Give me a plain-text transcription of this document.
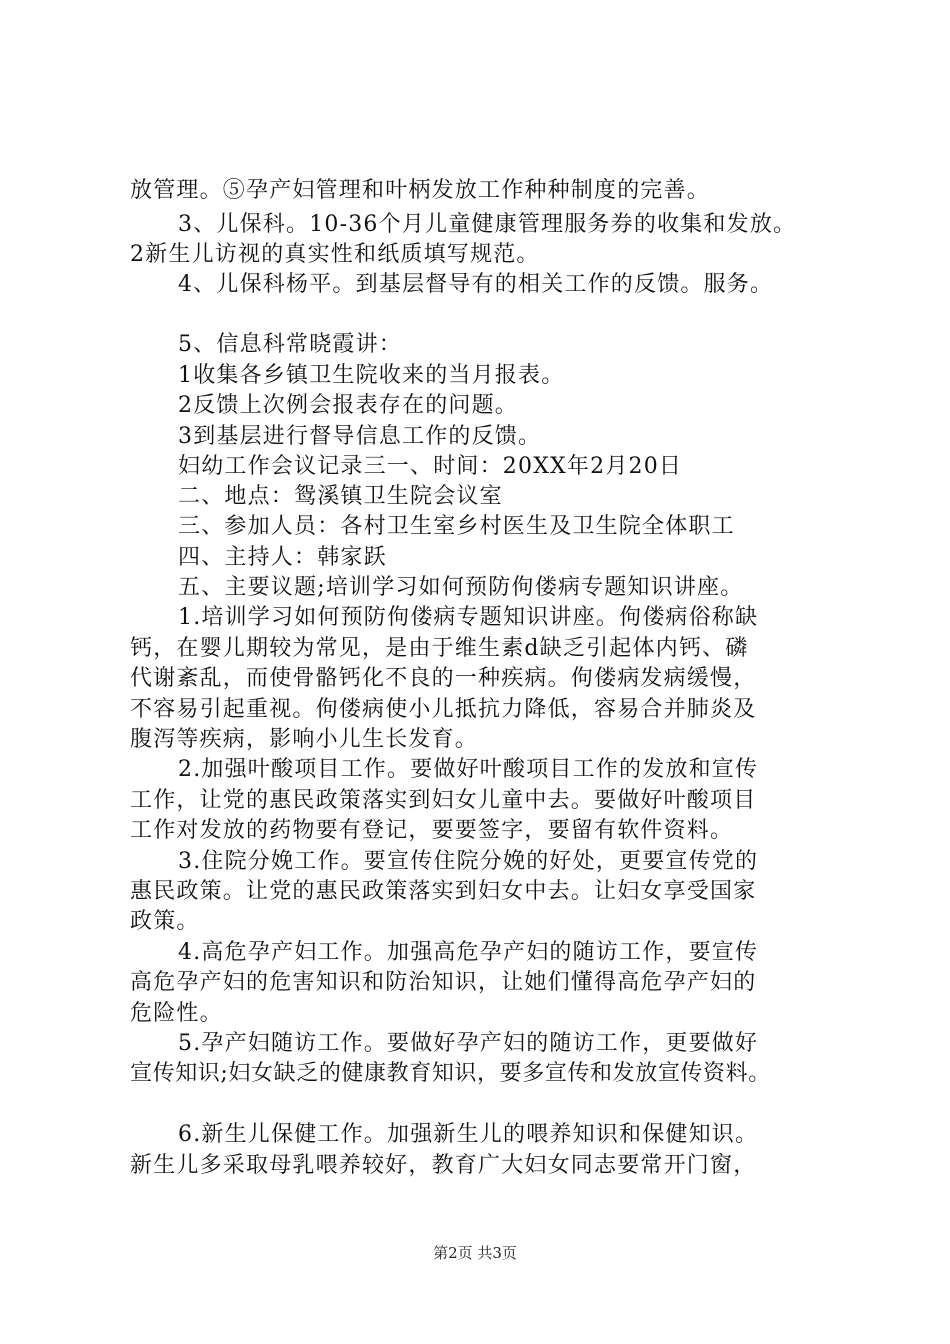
放管理。⑤孕产妇管理和叶柄发放工作种种制度的完善。
3、儿保科。10-36个月儿童健康管理服务券的收集和发放。
2新生儿访视的真实性和纸质填写规范。
4、儿保科杨平。到基层督导有的相关工作的反馈。服务。
5、信息科常晓霞讲：
1收集各乡镇卫生院收来的当月报表。
2反馈上次例会报表存在的问题。
3到基层进行督导信息工作的反馈。
妇幼工作会议记录三一、时间：20XX年2月20日
二、地点：鸳溪镇卫生院会议室
三、参加人员：各村卫生室乡村医生及卫生院全体职工
四、主持人：韩家跃
五、主要议题;培训学习如何预防佝偻病专题知识讲座。
1.培训学习如何预防佝偻病专题知识讲座。佝偻病俗称缺
钙，在婴儿期较为常见，是由于维生素d缺乏引起体内钙、磷
代谢紊乱，而使骨骼钙化不良的一种疾病。佝偻病发病缓慢，
不容易引起重视。佝偻病使小儿抵抗力降低，容易合并肺炎及
腹泻等疾病，影响小儿生长发育。
2.加强叶酸项目工作。要做好叶酸项目工作的发放和宣传
工作，让党的惠民政策落实到妇女儿童中去。要做好叶酸项目
工作对发放的药物要有登记，要要签字，要留有软件资料。
3.住院分娩工作。要宣传住院分娩的好处，更要宣传党的
惠民政策。让党的惠民政策落实到妇女中去。让妇女享受国家
政策。
4.高危孕产妇工作。加强高危孕产妇的随访工作，要宣传
高危孕产妇的危害知识和防治知识，让她们懂得高危孕产妇的
危险性。
5.孕产妇随访工作。要做好孕产妇的随访工作，更要做好
宣传知识;妇女缺乏的健康教育知识，要多宣传和发放宣传资料。
6.新生儿保健工作。加强新生儿的喂养知识和保健知识。
新生儿多采取母乳喂养较好，教育广大妇女同志要常开门窗，
第2页 共3页
